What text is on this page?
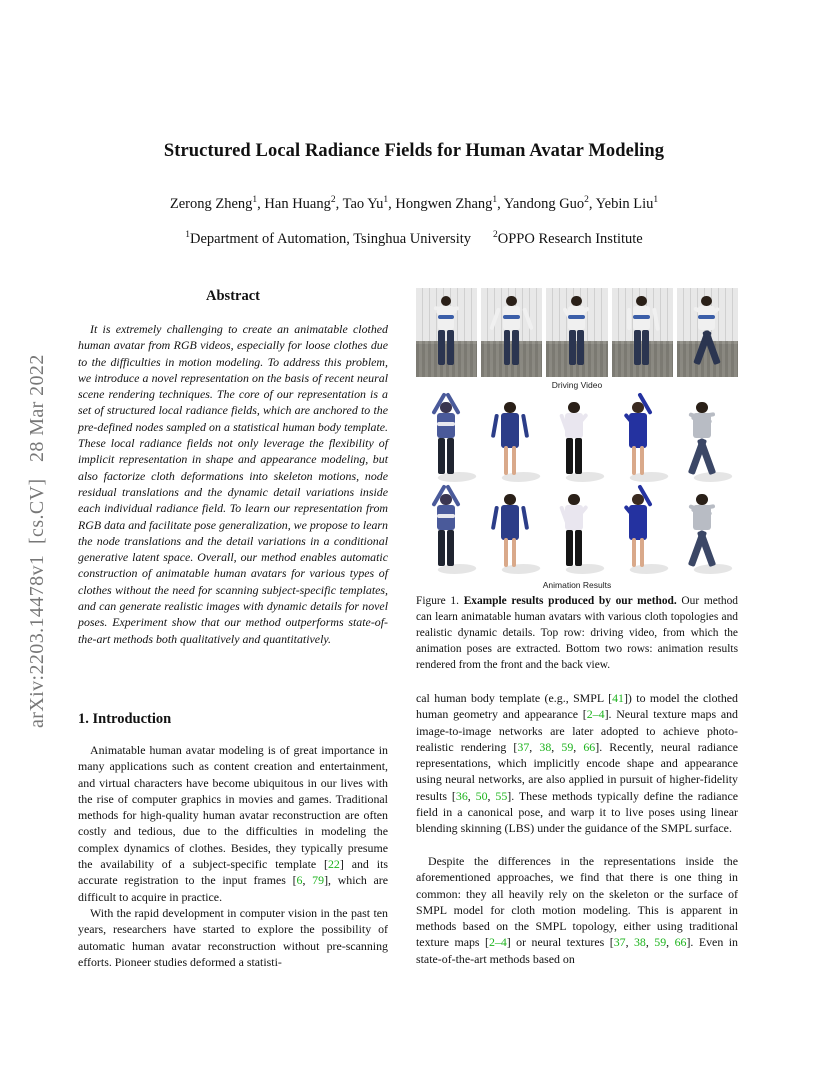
Structured Local Radiance Fields for Human Avatar Modeling
Zerong Zheng$^1$, Han Huang$^2$, Tao Yu$^1$, Hongwen Zhang$^1$, Yandong Guo$^2$, Yebin Liu$^1$
$^1$Department of Automation, Tsinghua University $^2$OPPO Research Institute
arXiv:2203.14478v1  [cs.CV]   28 Mar 2022
Abstract
It is extremely challenging to create an animatable clothed human avatar from RGB videos, especially for loose clothes due to the difficulties in motion modeling. To address this problem, we introduce a novel representation on the basis of recent neural scene rendering techniques. The core of our representation is a set of structured local radiance fields, which are anchored to the pre-defined nodes sampled on a statistical human body template. These local radiance fields not only leverage the flexibility of implicit representation in shape and appearance modeling, but also factorize cloth deformations into skeleton motions, node residual translations and the dynamic detail variations inside each individual radiance field. To learn our representation from RGB data and facilitate pose generalization, we propose to learn the node translations and the detail variations in a conditional generative latent space. Overall, our method enables automatic construction of animatable human avatars for various types of clothes without the need for scanning subject-specific templates, and can generate realistic images with dynamic details for novel poses. Experiment show that our method outperforms state-of-the-art methods both qualitatively and quantitatively.
1. Introduction
Animatable human avatar modeling is of great importance in many applications such as content creation and entertainment, and virtual characters have become ubiquitous in our lives with the rise of computer graphics in movies and games. Traditional methods for high-quality human avatar reconstruction are often costly and tedious, due to the difficulties in modeling the complex dynamics of clothes. Besides, they typically presume the availability of a subject-specific template [22] and its accurate registration to the input frames [6, 79], which are difficult to acquire in practice.
With the rapid development in computer vision in the past ten years, researchers have started to explore the possibility of automatic human avatar reconstruction without pre-scanning efforts. Pioneer studies deformed a statisti-
cal human body template (e.g., SMPL [41]) to model the clothed human geometry and appearance [2–4]. Neural texture maps and image-to-image networks are later adopted to achieve photo-realistic rendering [37, 38, 59, 66]. Recently, neural radiance representations, which implicitly encode shape and appearance using neural networks, are also applied in pursuit of higher-fidelity results [36, 50, 55]. These methods typically define the radiance field in a canonical pose, and warp it to live poses using linear blending skinning (LBS) under the guidance of the SMPL surface.
Despite the differences in the representations inside the aforementioned approaches, we find that there is one thing in common: they all heavily rely on the skeleton or the surface of SMPL model for cloth motion modeling. This is apparent in methods based on the SMPL topology, either using traditional texture maps [2–4] or neural textures [37, 38, 59, 66]. Even in state-of-the-art methods based on
Driving Video
Animation Results
Figure 1. Example results produced by our method. Our method can learn animatable human avatars with various cloth topologies and realistic dynamic details. Top row: driving video, from which the animation poses are extracted. Bottom two rows: animation results rendered from the front and the back view.
